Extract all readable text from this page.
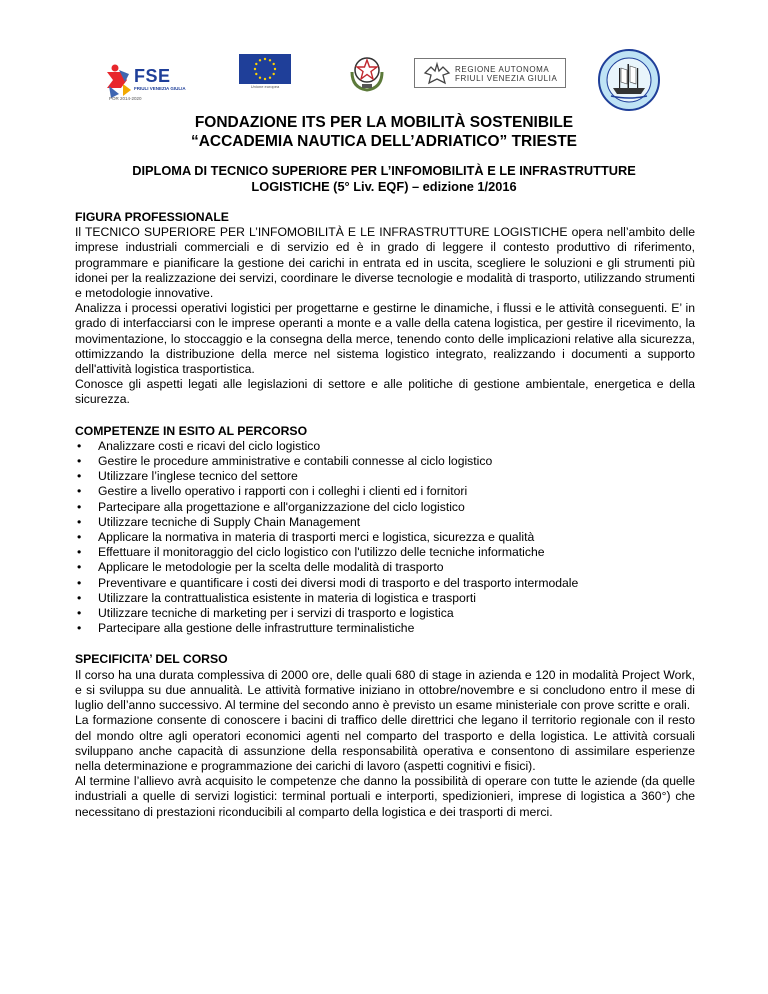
FSE
FRIULI VENEZIA GIULIA
POR 2014-2020
Unione europea
REGIONE AUTONOMA
FRIULI VENEZIA GIULIA
FONDAZIONE ITS PER LA MOBILITÀ SOSTENIBILE
“ACCADEMIA NAUTICA DELL’ADRIATICO” TRIESTE
DIPLOMA DI TECNICO SUPERIORE PER L’INFOMOBILITÀ E LE INFRASTRUTTURE
LOGISTICHE (5° Liv. EQF) – edizione 1/2016

FIGURA PROFESSIONALE

Il TECNICO SUPERIORE PER L’INFOMOBILITÀ E LE INFRASTRUTTURE LOGISTICHE opera nell’ambito delle imprese industriali commerciali e di servizio ed è in grado di leggere il contesto produttivo di riferimento, programmare e pianificare la gestione dei carichi in entrata ed in uscita, scegliere le soluzioni e gli strumenti più idonei per la realizzazione dei servizi, coordinare le diverse tecnologie e modalità di trasporto, utilizzando strumenti e metodologie innovative.

Analizza i processi operativi logistici per progettarne e gestirne le dinamiche, i flussi e le attività conseguenti. E’ in grado di interfacciarsi con le imprese operanti a monte e a valle della catena logistica, per gestire il ricevimento, la movimentazione, lo stoccaggio e la consegna della merce, tenendo conto delle implicazioni relative alla sicurezza, ottimizzando la distribuzione della merce nel sistema logistico integrato, realizzando i documenti a supporto dell'attività logistica trasportistica.

Conosce gli aspetti legati alle legislazioni di settore e alle politiche di gestione ambientale, energetica e della sicurezza.

COMPETENZE IN ESITO AL PERCORSO

• Analizzare costi e ricavi del ciclo logistico
• Gestire le procedure amministrative e contabili connesse al ciclo logistico
• Utilizzare l’inglese tecnico del settore
• Gestire a livello operativo i rapporti con i colleghi i clienti ed i fornitori
• Partecipare alla progettazione e all'organizzazione del ciclo logistico
• Utilizzare tecniche di Supply Chain Management
• Applicare la normativa in materia di trasporti merci e logistica, sicurezza e qualità
• Effettuare il monitoraggio del ciclo logistico con l'utilizzo delle tecniche informatiche
• Applicare le metodologie per la scelta delle modalità di trasporto
• Preventivare e quantificare i costi dei diversi modi di trasporto e del trasporto intermodale
• Utilizzare la contrattualistica esistente in materia di logistica e trasporti
• Utilizzare tecniche di marketing per i servizi di trasporto e logistica
• Partecipare alla gestione delle infrastrutture terminalistiche

SPECIFICITA’ DEL CORSO

Il corso ha una durata complessiva di 2000 ore, delle quali 680 di stage in azienda e 120 in modalità Project Work, e si sviluppa su due annualità. Le attività formative iniziano in ottobre/novembre e si concludono entro il mese di luglio dell’anno successivo. Al termine del secondo anno è previsto un esame ministeriale con prove scritte e orali.

La formazione consente di conoscere i bacini di traffico delle direttrici che legano il territorio regionale con il resto del mondo oltre agli operatori economici agenti nel comparto del trasporto e della logistica. Le attività corsuali sviluppano anche capacità di assunzione della responsabilità operativa e consentono di assimilare esperienze nella determinazione e programmazione dei carichi di lavoro (aspetti cognitivi e fisici).

Al termine l’allievo avrà acquisito le competenze che danno la possibilità di operare con tutte le aziende (da quelle industriali a quelle di servizi logistici: terminal portuali e interporti, spedizionieri, imprese di logistica a 360°) che necessitano di prestazioni riconducibili al comparto della logistica e dei trasporti di merci.
